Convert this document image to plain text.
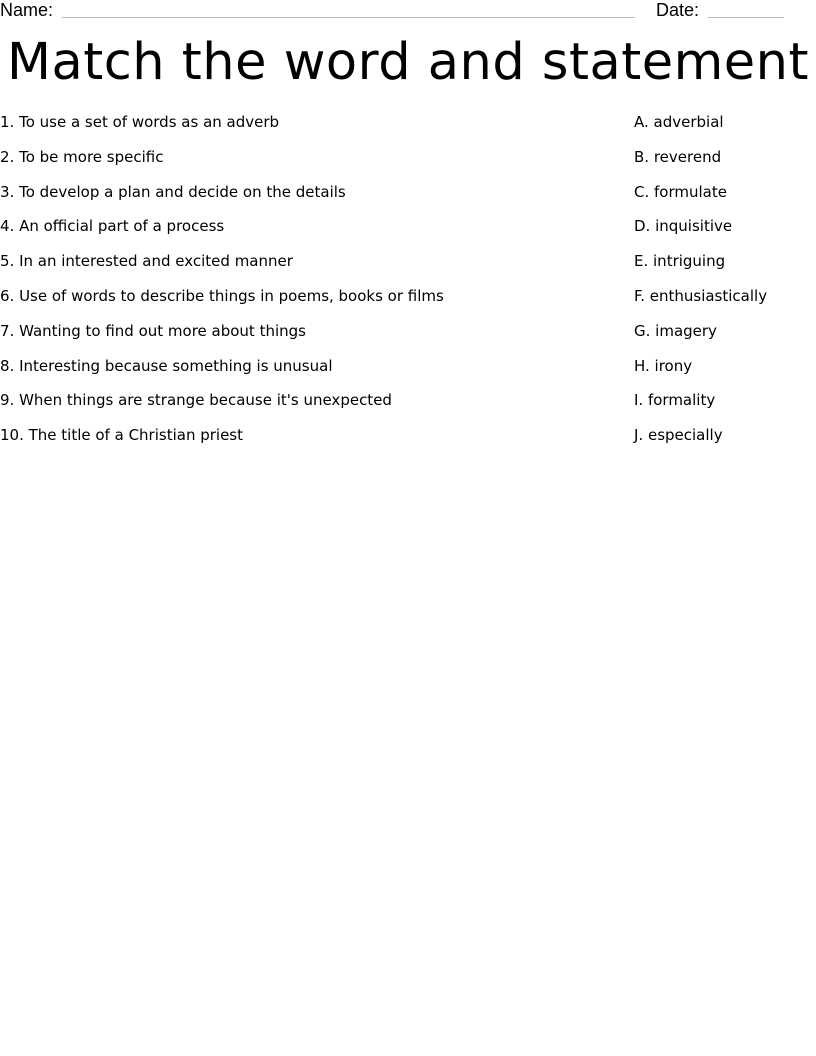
Name:	Date:
Match the word and statement
1. To use a set of words as an adverb
2. To be more specific
3. To develop a plan and decide on the details
4. An official part of a process
5. In an interested and excited manner
6. Use of words to describe things in poems, books or films
7. Wanting to find out more about things
8. Interesting because something is unusual
9. When things are strange because it's unexpected
10. The title of a Christian priest
A. adverbial
B. reverend
C. formulate
D. inquisitive
E. intriguing
F. enthusiastically
G. imagery
H. irony
I. formality
J. especially
